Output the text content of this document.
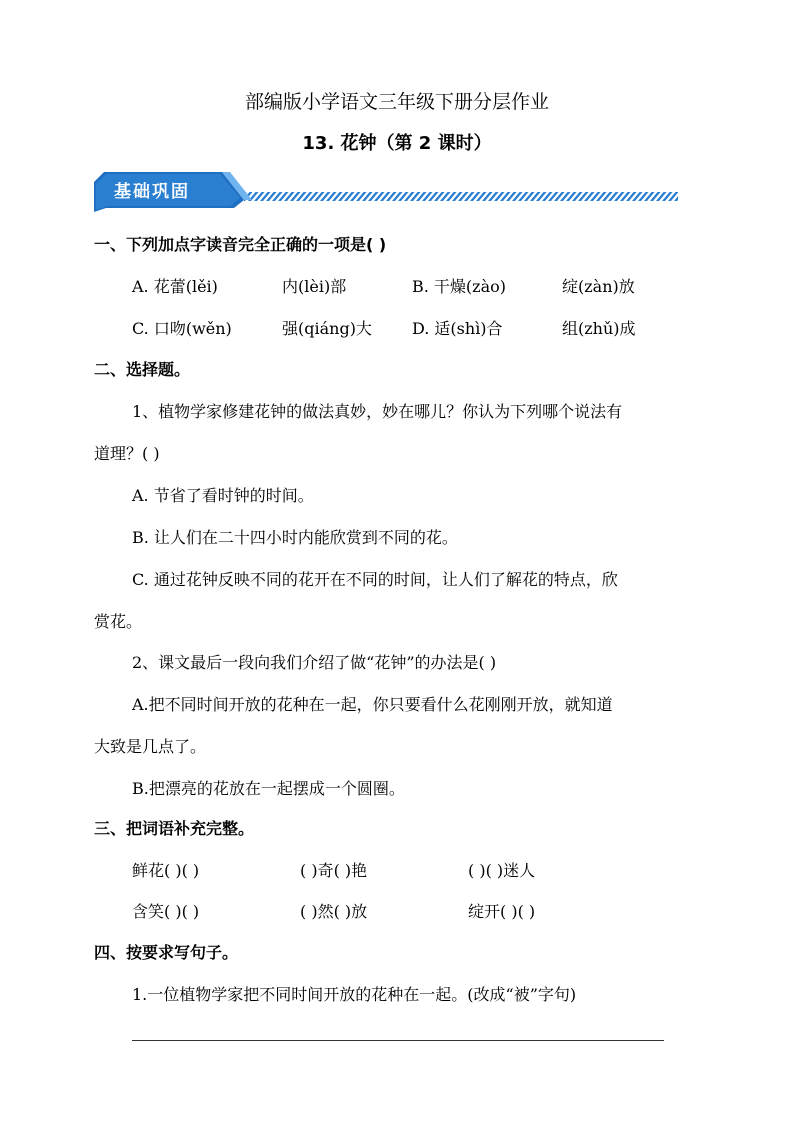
部编版小学语文三年级下册分层作业
13. 花钟（第 2 课时）
基础巩固
一、下列加点字读音完全正确的一项是( )
A. 花蕾(lěi)	内(lèi)部	B. 干燥(zào)	绽(zàn)放
C. 口吻(wěn)	强(qiáng)大	D. 适(shì)合	组(zhǔ)成
二、选择题。
1、植物学家修建花钟的做法真妙，妙在哪儿？你认为下列哪个说法有
道理？( )
A. 节省了看时钟的时间。
B. 让人们在二十四小时内能欣赏到不同的花。
C. 通过花钟反映不同的花开在不同的时间，让人们了解花的特点，欣
赏花。
2、课文最后一段向我们介绍了做“花钟”的办法是( )
A.把不同时间开放的花种在一起，你只要看什么花刚刚开放，就知道
大致是几点了。
B.把漂亮的花放在一起摆成一个圆圈。
三、把词语补充完整。
鲜花( )( )	( )奇( )艳	( )( )迷人
含笑( )( )	( )然( )放	绽开( )( )
四、按要求写句子。
1.一位植物学家把不同时间开放的花种在一起。(改成“被”字句)
